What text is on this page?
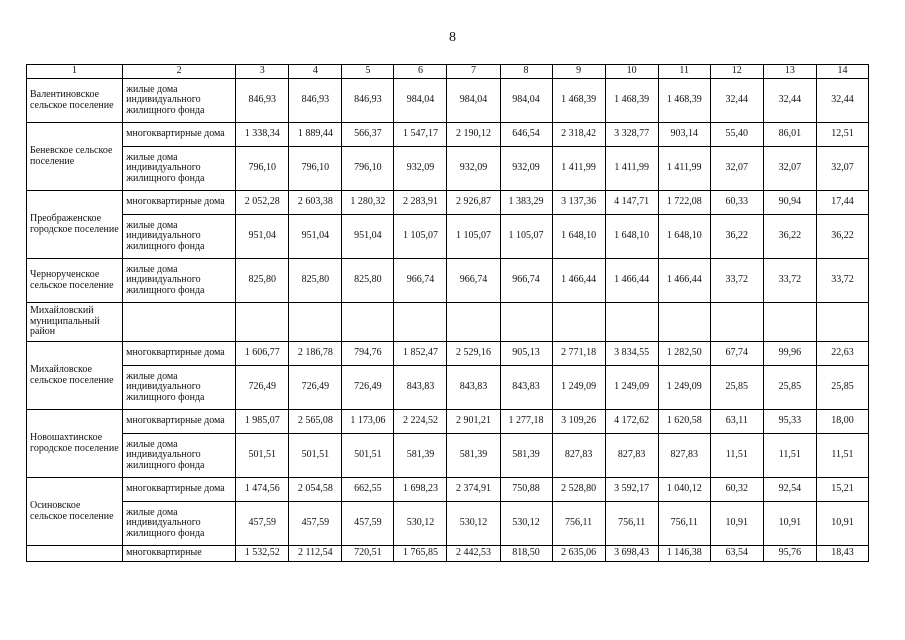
8
1	2	3	4	5	6	7	8	9	10	11	12	13	14
Валентиновское сельское поселение	жилые дома индивидуального жилищного фонда	846,93	846,93	846,93	984,04	984,04	984,04	1 468,39	1 468,39	1 468,39	32,44	32,44	32,44
Беневское сельское поселение	многоквартирные дома	1 338,34	1 889,44	566,37	1 547,17	2 190,12	646,54	2 318,42	3 328,77	903,14	55,40	86,01	12,51
	жилые дома индивидуального жилищного фонда	796,10	796,10	796,10	932,09	932,09	932,09	1 411,99	1 411,99	1 411,99	32,07	32,07	32,07
Преображенское городское поселение	многоквартирные дома	2 052,28	2 603,38	1 280,32	2 283,91	2 926,87	1 383,29	3 137,36	4 147,71	1 722,08	60,33	90,94	17,44
	жилые дома индивидуального жилищного фонда	951,04	951,04	951,04	1 105,07	1 105,07	1 105,07	1 648,10	1 648,10	1 648,10	36,22	36,22	36,22
Чернорученское сельское поселение	жилые дома индивидуального жилищного фонда	825,80	825,80	825,80	966,74	966,74	966,74	1 466,44	1 466,44	1 466,44	33,72	33,72	33,72
Михайловский муниципальный район													
Михайловское сельское поселение	многоквартирные дома	1 606,77	2 186,78	794,76	1 852,47	2 529,16	905,13	2 771,18	3 834,55	1 282,50	67,74	99,96	22,63
	жилые дома индивидуального жилищного фонда	726,49	726,49	726,49	843,83	843,83	843,83	1 249,09	1 249,09	1 249,09	25,85	25,85	25,85
Новошахтинское городское поселение	многоквартирные дома	1 985,07	2 565,08	1 173,06	2 224,52	2 901,21	1 277,18	3 109,26	4 172,62	1 620,58	63,11	95,33	18,00
	жилые дома индивидуального жилищного фонда	501,51	501,51	501,51	581,39	581,39	581,39	827,83	827,83	827,83	11,51	11,51	11,51
Осиновское сельское поселение	многоквартирные дома	1 474,56	2 054,58	662,55	1 698,23	2 374,91	750,88	2 528,80	3 592,17	1 040,12	60,32	92,54	15,21
	жилые дома индивидуального жилищного фонда	457,59	457,59	457,59	530,12	530,12	530,12	756,11	756,11	756,11	10,91	10,91	10,91
	многоквартирные	1 532,52	2 112,54	720,51	1 765,85	2 442,53	818,50	2 635,06	3 698,43	1 146,38	63,54	95,76	18,43
